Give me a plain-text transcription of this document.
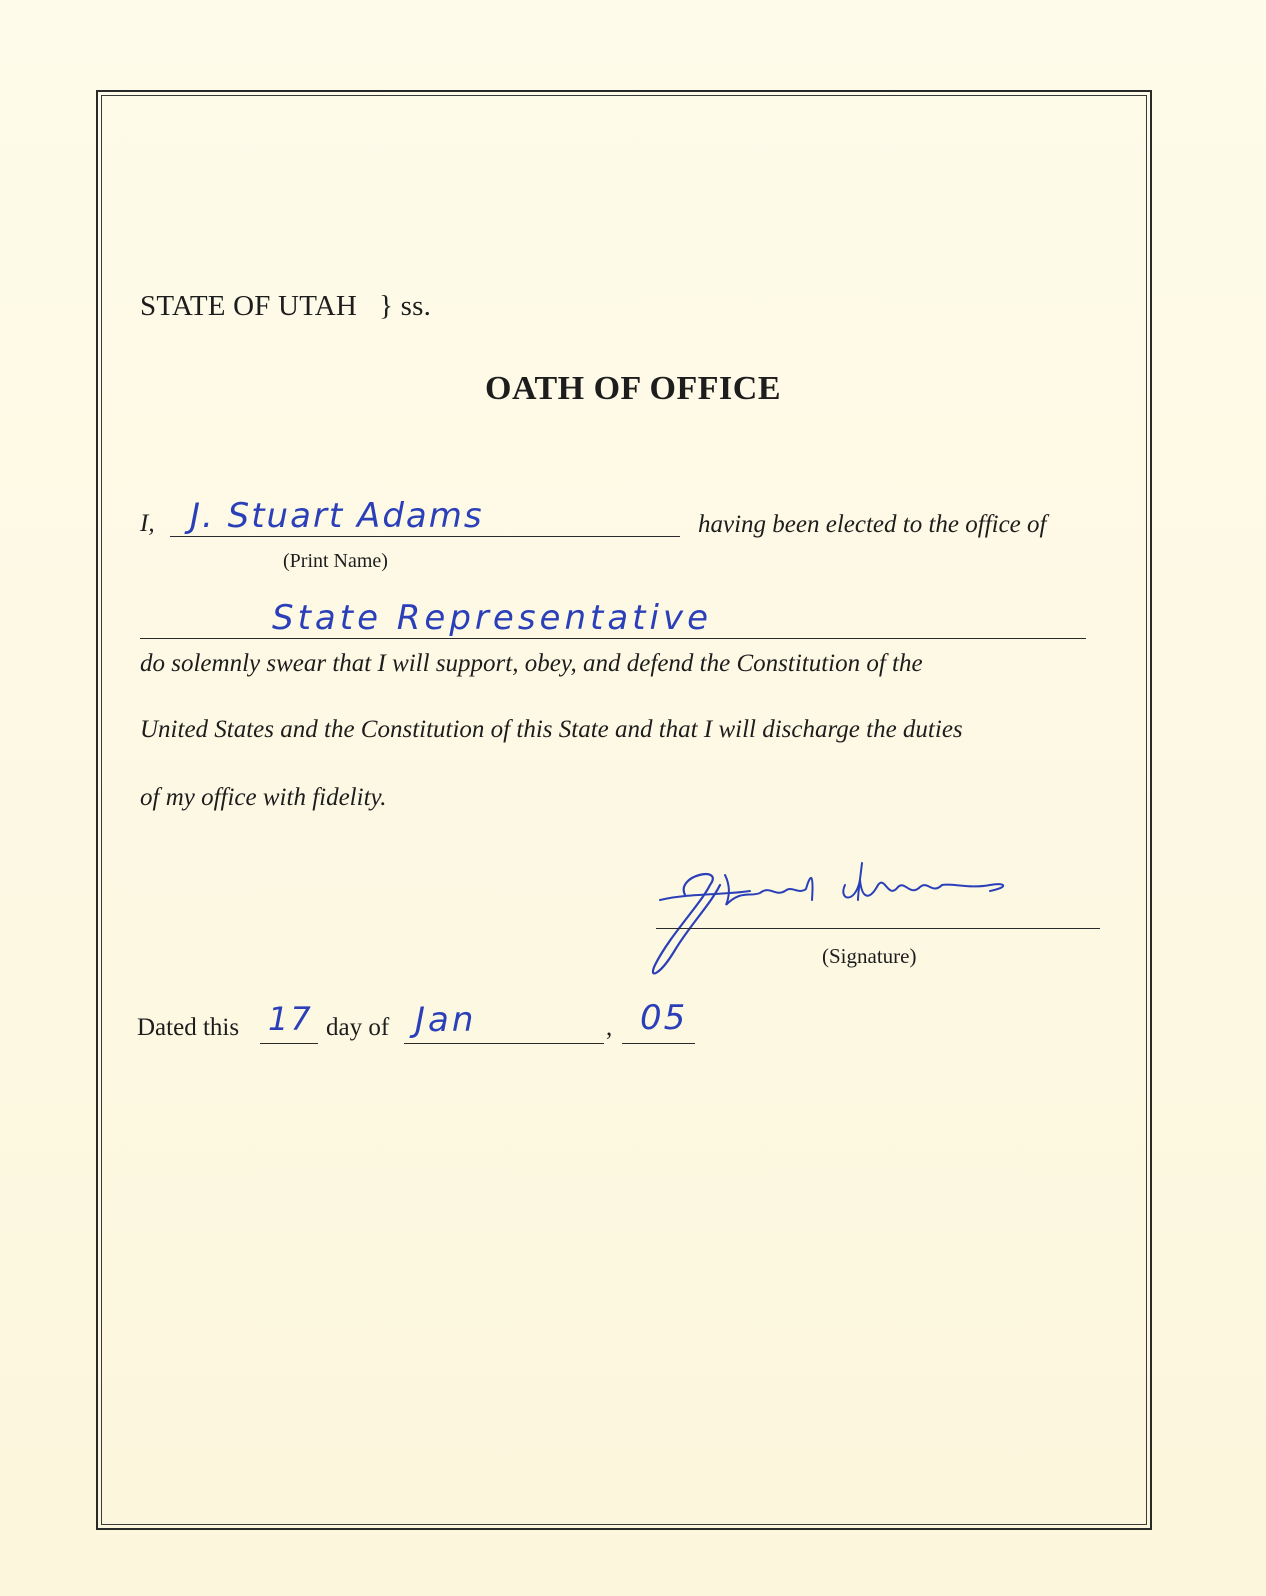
STATE OF UTAH } ss.
OATH OF OFFICE
I, J. Stuart Adams	having been elected to the office of
(Print Name)
State Representative
do solemnly swear that I will support, obey, and defend the Constitution of the
United States and the Constitution of this State and that I will discharge the duties
of my office with fidelity.
(Signature)
Dated this 17 day of Jan	, 05
